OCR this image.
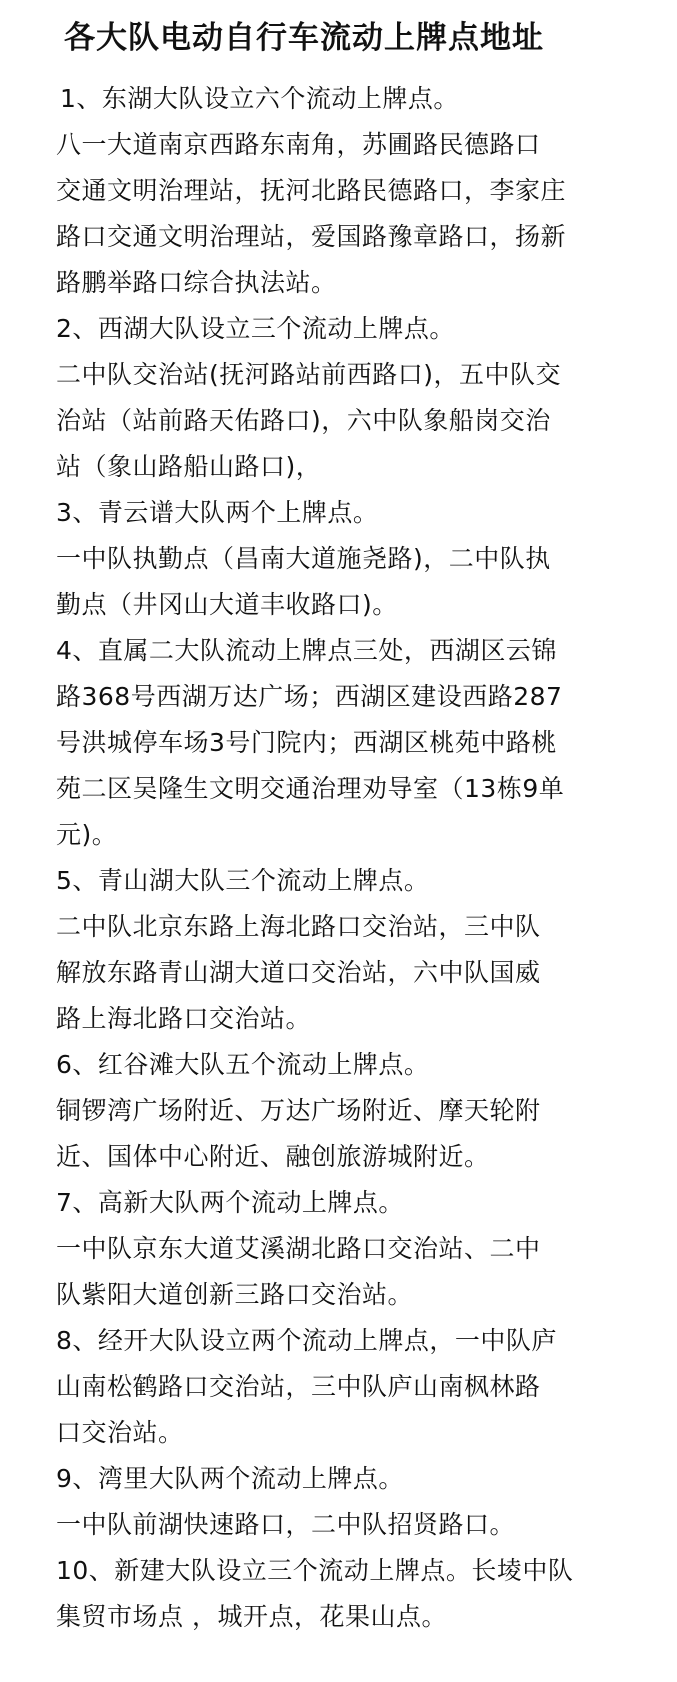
各大队电动自行车流动上牌点地址
1、东湖大队设立六个流动上牌点。
八一大道南京西路东南角，苏圃路民德路口
交通文明治理站，抚河北路民德路口，李家庄
路口交通文明治理站，爱国路豫章路口，扬新
路鹏举路口综合执法站。
2、西湖大队设立三个流动上牌点。
二中队交治站(抚河路站前西路口)，五中队交
治站（站前路天佑路口)，六中队象船岗交治
站（象山路船山路口)，
3、青云谱大队两个上牌点。
一中队执勤点（昌南大道施尧路)，二中队执
勤点（井冈山大道丰收路口)。
4、直属二大队流动上牌点三处，西湖区云锦
路368号西湖万达广场；西湖区建设西路287
号洪城停车场3号门院内；西湖区桃苑中路桃
苑二区吴隆生文明交通治理劝导室（13栋9单
元)。
5、青山湖大队三个流动上牌点。
二中队北京东路上海北路口交治站，三中队
解放东路青山湖大道口交治站，六中队国威
路上海北路口交治站。
6、红谷滩大队五个流动上牌点。
铜锣湾广场附近、万达广场附近、摩天轮附
近、国体中心附近、融创旅游城附近。
7、高新大队两个流动上牌点。
一中队京东大道艾溪湖北路口交治站、二中
队紫阳大道创新三路口交治站。
8、经开大队设立两个流动上牌点，一中队庐
山南松鹤路口交治站，三中队庐山南枫林路
口交治站。
9、湾里大队两个流动上牌点。
一中队前湖快速路口，二中队招贤路口。
10、新建大队设立三个流动上牌点。长堎中队
集贸市场点 ，城开点，花果山点。
